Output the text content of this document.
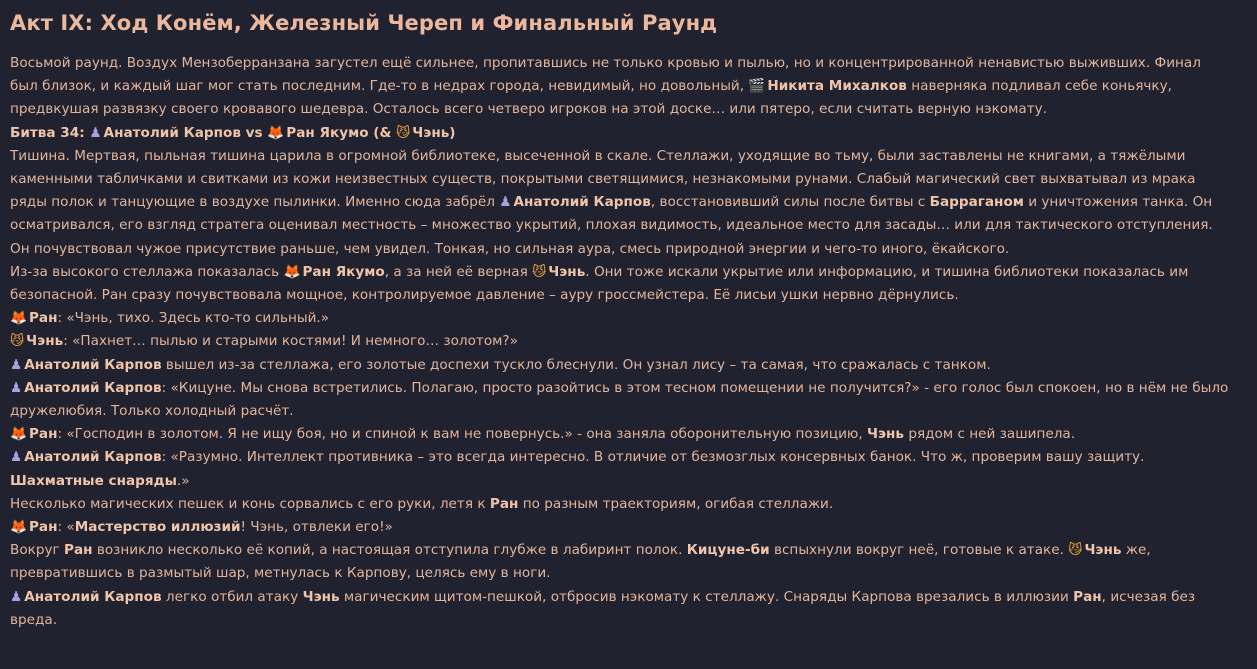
Акт IX: Ход Конём, Железный Череп и Финальный Раунд
Восьмой раунд. Воздух Мензоберранзана загустел ещё сильнее, пропитавшись не только кровью и пылью, но и концентрированной ненавистью выживших. Финал был близок, и каждый шаг мог стать последним. Где-то в недрах города, невидимый, но довольный, 🎬Никита Михалков наверняка подливал себе коньячку, предвкушая развязку своего кровавого шедевра. Осталось всего четверо игроков на этой доске… или пятеро, если считать верную нэкомату.
Битва 34: ♟Анатолий Карпов vs 🦊Ран Якумо (& 😼Чэнь)
Тишина. Мертвая, пыльная тишина царила в огромной библиотеке, высеченной в скале. Стеллажи, уходящие во тьму, были заставлены не книгами, а тяжёлыми каменными табличками и свитками из кожи неизвестных существ, покрытыми светящимися, незнакомыми рунами. Слабый магический свет выхватывал из мрака ряды полок и танцующие в воздухе пылинки. Именно сюда забрёл ♟Анатолий Карпов, восстановивший силы после битвы с Баррaганом и уничтожения танка. Он осматривался, его взгляд стратега оценивал местность – множество укрытий, плохая видимость, идеальное место для засады… или для тактического отступления. Он почувствовал чужое присутствие раньше, чем увидел. Тонкая, но сильная аура, смесь природной энергии и чего-то иного, ёкайского.
Из-за высокого стеллажа показалась 🦊Ран Якумо, а за ней её верная 😼Чэнь. Они тоже искали укрытие или информацию, и тишина библиотеки показалась им безопасной. Ран сразу почувствовала мощное, контролируемое давление – ауру гроссмейстера. Её лисьи ушки нервно дёрнулись.
🦊Ран: «Чэнь, тихо. Здесь кто-то сильный.»
😼Чэнь: «Пахнет… пылью и старыми костями! И немного… золотом?»
♟Анатолий Карпов вышел из-за стеллажа, его золотые доспехи тускло блеснули. Он узнал лису – та самая, что сражалась с танком.
♟Анатолий Карпов: «Кицуне. Мы снова встретились. Полагаю, просто разойтись в этом тесном помещении не получится?» - его голос был спокоен, но в нём не было дружелюбия. Только холодный расчёт.
🦊Ран: «Господин в золотом. Я не ищу боя, но и спиной к вам не повернусь.» - она заняла оборонительную позицию, Чэнь рядом с ней зашипела.
♟Анатолий Карпов: «Разумно. Интеллект противника – это всегда интересно. В отличие от безмозглых консервных банок. Что ж, проверим вашу защиту. Шахматные снаряды.»
Несколько магических пешек и конь сорвались с его руки, летя к Ран по разным траекториям, огибая стеллажи.
🦊Ран: «Мастерство иллюзий! Чэнь, отвлеки его!»
Вокруг Ран возникло несколько её копий, а настоящая отступила глубже в лабиринт полок. Кицуне-би вспыхнули вокруг неё, готовые к атаке. 😼Чэнь же, превратившись в размытый шар, метнулась к Карпову, целясь ему в ноги.
♟Анатолий Карпов легко отбил атаку Чэнь магическим щитом-пешкой, отбросив нэкомату к стеллажу. Снаряды Карпова врезались в иллюзии Ран, исчезая без вреда.
